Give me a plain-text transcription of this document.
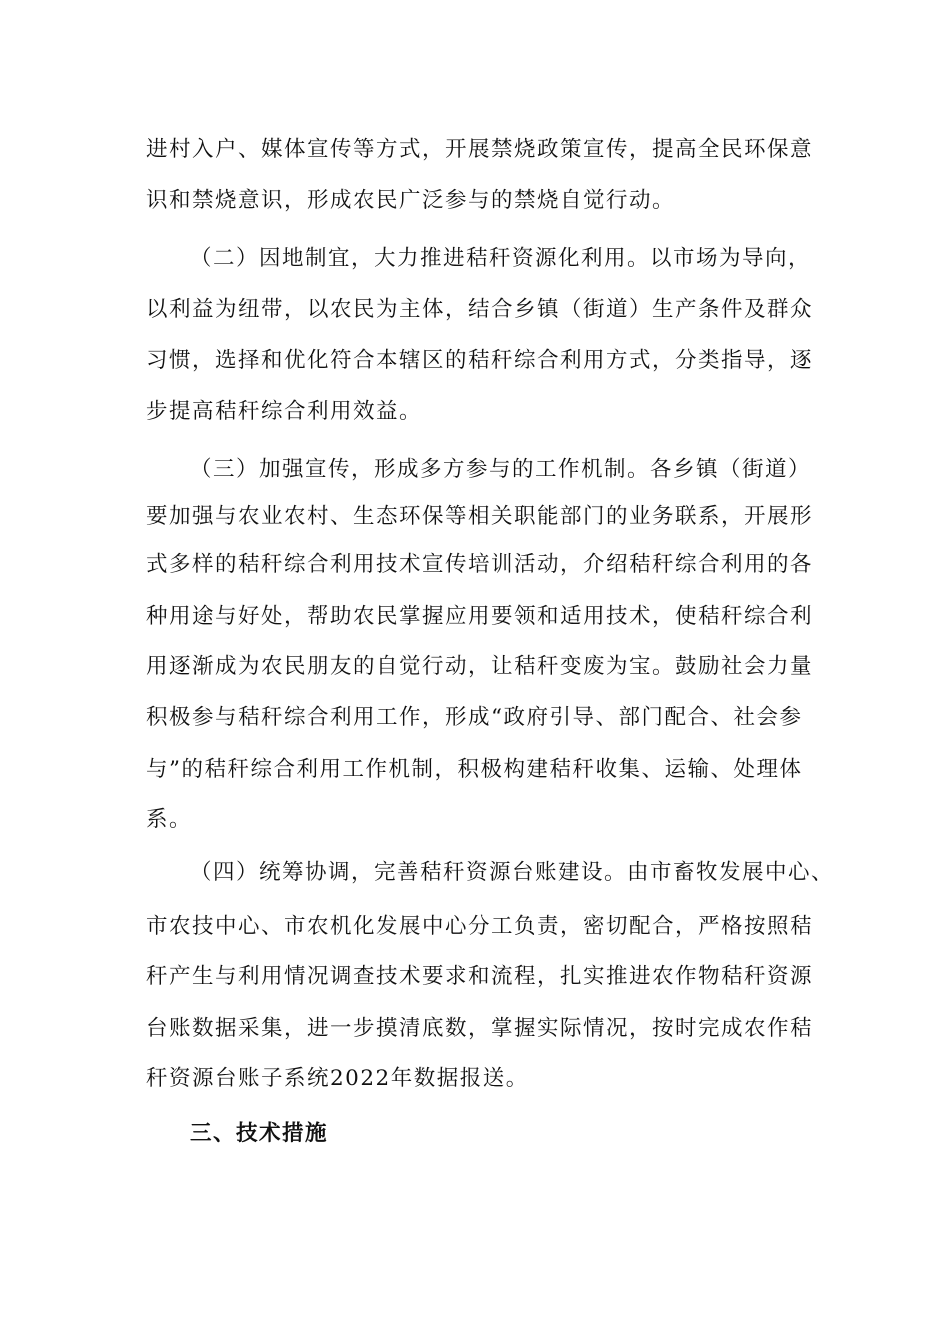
进村入户、媒体宣传等方式，开展禁烧政策宣传，提高全民环保意
识和禁烧意识，形成农民广泛参与的禁烧自觉行动。
（二）因地制宜，大力推进秸秆资源化利用。以市场为导向，
以利益为纽带，以农民为主体，结合乡镇（街道）生产条件及群众
习惯，选择和优化符合本辖区的秸秆综合利用方式，分类指导，逐
步提高秸秆综合利用效益。
（三）加强宣传，形成多方参与的工作机制。各乡镇（街道）
要加强与农业农村、生态环保等相关职能部门的业务联系，开展形
式多样的秸秆综合利用技术宣传培训活动，介绍秸秆综合利用的各
种用途与好处，帮助农民掌握应用要领和适用技术，使秸秆综合利
用逐渐成为农民朋友的自觉行动，让秸秆变废为宝。鼓励社会力量
积极参与秸秆综合利用工作，形成“政府引导、部门配合、社会参
与”的秸秆综合利用工作机制，积极构建秸秆收集、运输、处理体
系。
（四）统筹协调，完善秸秆资源台账建设。由市畜牧发展中心、
市农技中心、市农机化发展中心分工负责，密切配合，严格按照秸
秆产生与利用情况调查技术要求和流程，扎实推进农作物秸秆资源
台账数据采集，进一步摸清底数，掌握实际情况，按时完成农作秸
秆资源台账子系统2022年数据报送。
三、技术措施
